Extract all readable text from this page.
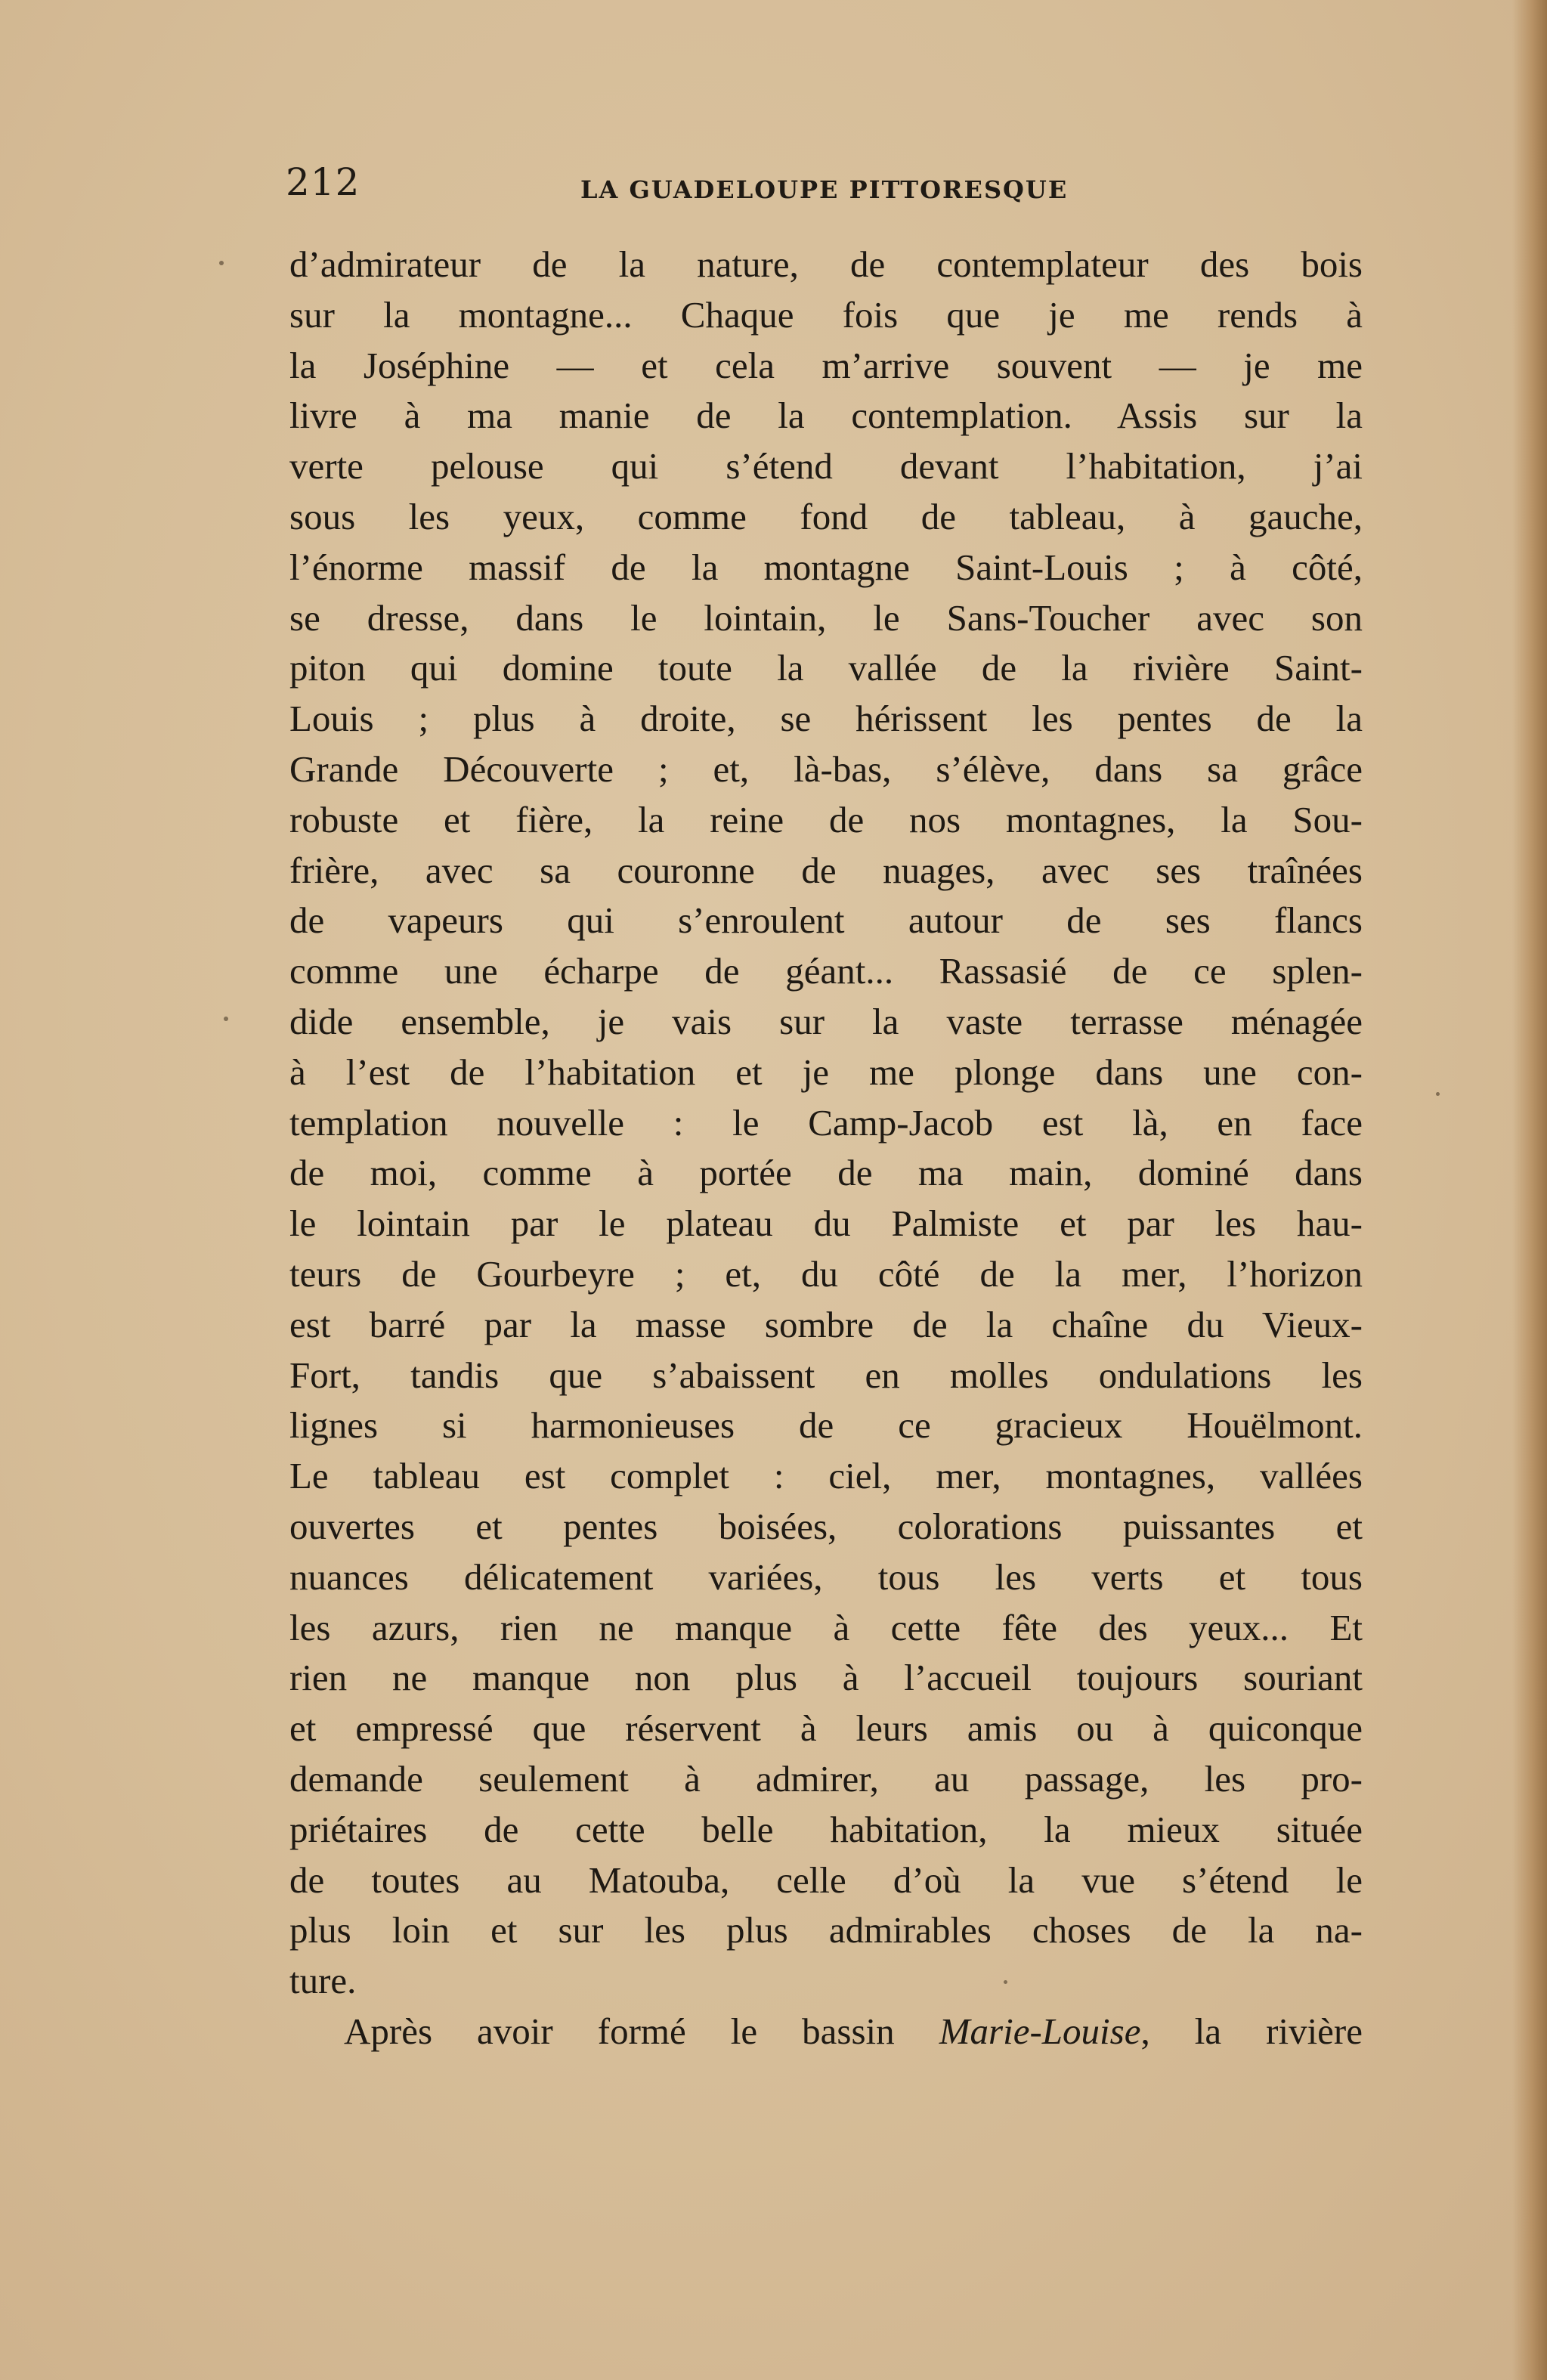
212	LA GUADELOUPE PITTORESQUE
d’admirateur de la nature, de contemplateur des bois
sur la montagne... Chaque fois que je me rends à
la Joséphine — et cela m’arrive souvent — je me
livre à ma manie de la contemplation. Assis sur la
verte pelouse qui s’étend devant l’habitation, j’ai
sous les yeux, comme fond de tableau, à gauche,
l’énorme massif de la montagne Saint-Louis ; à côté,
se dresse, dans le lointain, le Sans-Toucher avec son
piton qui domine toute la vallée de la rivière Saint-
Louis ; plus à droite, se hérissent les pentes de la
Grande Découverte ; et, là-bas, s’élève, dans sa grâce
robuste et fière, la reine de nos montagnes, la Sou-
frière, avec sa couronne de nuages, avec ses traînées
de vapeurs qui s’enroulent autour de ses flancs
comme une écharpe de géant... Rassasié de ce splen-
dide ensemble, je vais sur la vaste terrasse ménagée
à l’est de l’habitation et je me plonge dans une con-
templation nouvelle : le Camp-Jacob est là, en face
de moi, comme à portée de ma main, dominé dans
le lointain par le plateau du Palmiste et par les hau-
teurs de Gourbeyre ; et, du côté de la mer, l’horizon
est barré par la masse sombre de la chaîne du Vieux-
Fort, tandis que s’abaissent en molles ondulations les
lignes si harmonieuses de ce gracieux Houëlmont.
Le tableau est complet : ciel, mer, montagnes, vallées
ouvertes et pentes boisées, colorations puissantes et
nuances délicatement variées, tous les verts et tous
les azurs, rien ne manque à cette fête des yeux... Et
rien ne manque non plus à l’accueil toujours souriant
et empressé que réservent à leurs amis ou à quiconque
demande seulement à admirer, au passage, les pro-
priétaires de cette belle habitation, la mieux située
de toutes au Matouba, celle d’où la vue s’étend le
plus loin et sur les plus admirables choses de la na-
ture.
Après avoir formé le bassin Marie-Louise, la rivière
